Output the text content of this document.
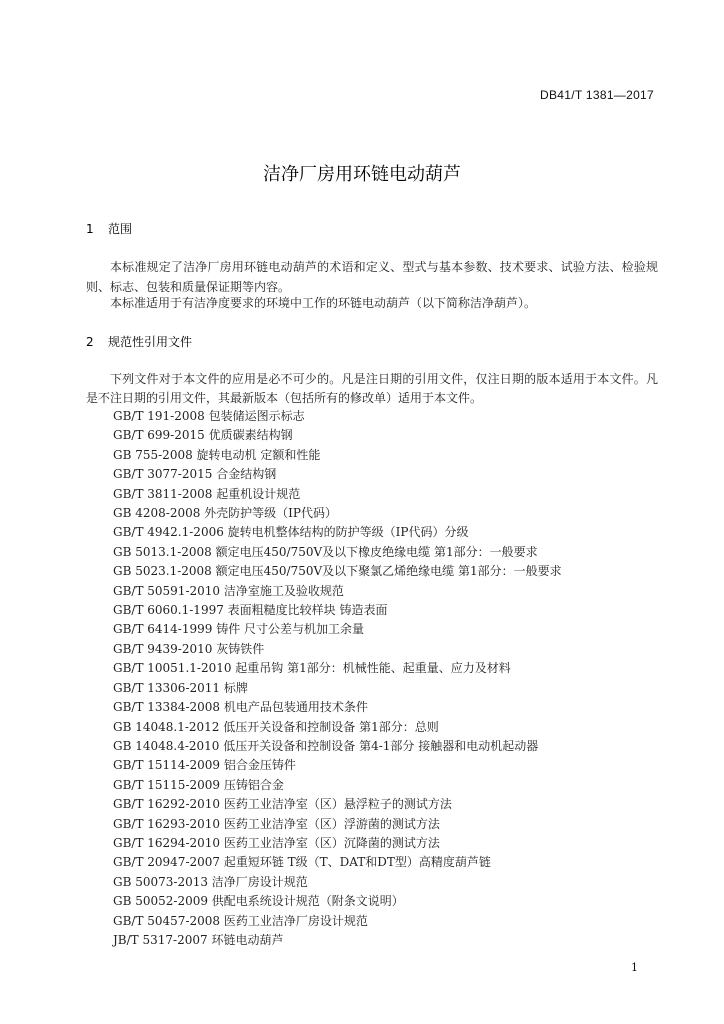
DB41/T 1381—2017

洁净厂房用环链电动葫芦
1 范围

本标准规定了洁净厂房用环链电动葫芦的术语和定义、型式与基本参数、技术要求、试验方法、检验规则、标志、包装和质量保证期等内容。

本标准适用于有洁净度要求的环境中工作的环链电动葫芦（以下简称洁净葫芦）。

2 规范性引用文件

下列文件对于本文件的应用是必不可少的。凡是注日期的引用文件，仅注日期的版本适用于本文件。凡是不注日期的引用文件，其最新版本（包括所有的修改单）适用于本文件。

GB/T 191-2008 包装储运图示标志
GB/T 699-2015 优质碳素结构钢
GB 755-2008 旋转电动机 定额和性能
GB/T 3077-2015 合金结构钢
GB/T 3811-2008 起重机设计规范
GB 4208-2008 外壳防护等级（IP代码）
GB/T 4942.1-2006 旋转电机整体结构的防护等级（IP代码）分级
GB 5013.1-2008 额定电压450/750V及以下橡皮绝缘电缆 第1部分：一般要求
GB 5023.1-2008 额定电压450/750V及以下聚氯乙烯绝缘电缆 第1部分：一般要求
GB/T 50591-2010 洁净室施工及验收规范
GB/T 6060.1-1997 表面粗糙度比较样块 铸造表面
GB/T 6414-1999 铸件 尺寸公差与机加工余量
GB/T 9439-2010 灰铸铁件
GB/T 10051.1-2010 起重吊钩 第1部分：机械性能、起重量、应力及材料
GB/T 13306-2011 标牌
GB/T 13384-2008 机电产品包装通用技术条件
GB 14048.1-2012 低压开关设备和控制设备 第1部分：总则
GB 14048.4-2010 低压开关设备和控制设备 第4-1部分 接触器和电动机起动器
GB/T 15114-2009 铝合金压铸件
GB/T 15115-2009 压铸铝合金
GB/T 16292-2010 医药工业洁净室（区）悬浮粒子的测试方法
GB/T 16293-2010 医药工业洁净室（区）浮游菌的测试方法
GB/T 16294-2010 医药工业洁净室（区）沉降菌的测试方法
GB/T 20947-2007 起重短环链 T级（T、DAT和DT型）高精度葫芦链
GB 50073-2013 洁净厂房设计规范
GB 50052-2009 供配电系统设计规范（附条文说明）
GB/T 50457-2008 医药工业洁净厂房设计规范
JB/T 5317-2007 环链电动葫芦

1
